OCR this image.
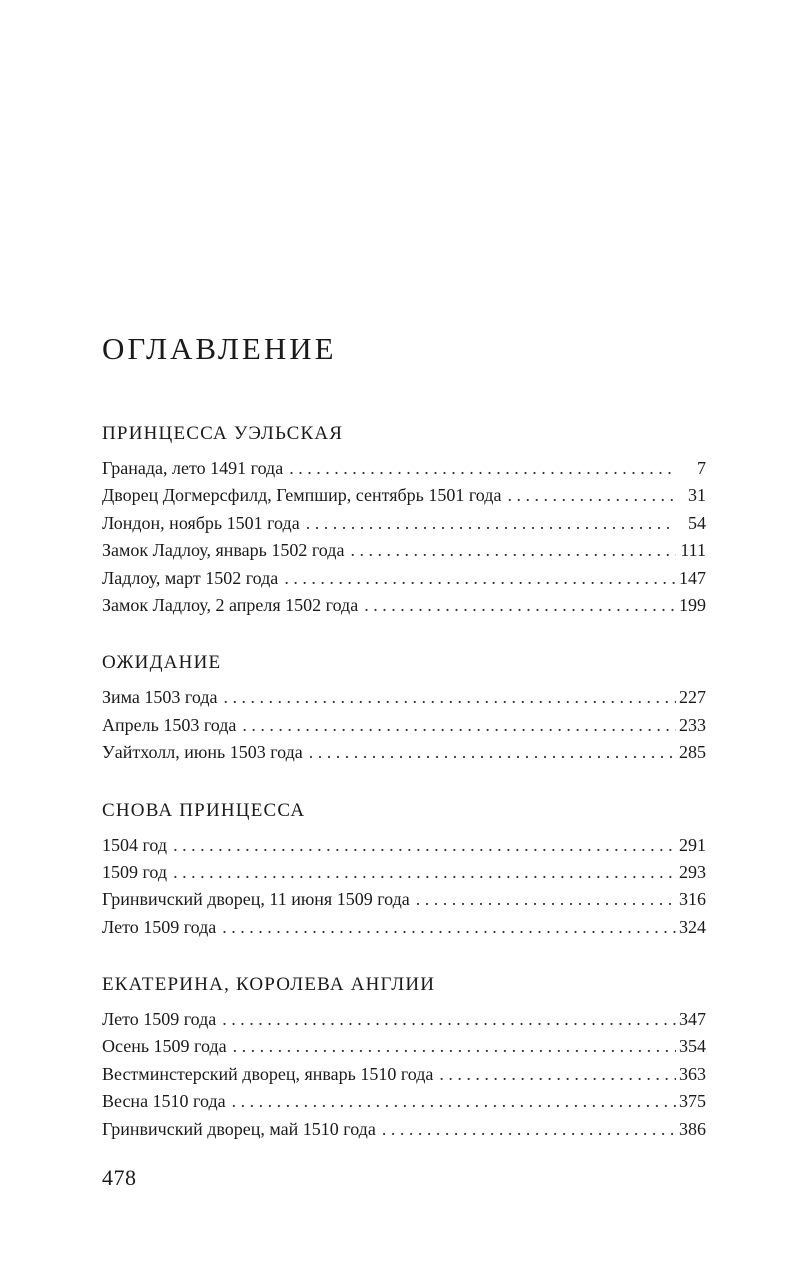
ОГЛАВЛЕНИЕ
ПРИНЦЕССА УЭЛЬСКАЯ
Гранада, лето 1491 года . . .	7
Дворец Догмерсфилд, Гемпшир, сентябрь 1501 года . . .	31
Лондон, ноябрь 1501 года . . .	54
Замок Ладлоу, январь 1502 года . . .	111
Ладлоу, март 1502 года . . .	147
Замок Ладлоу, 2 апреля 1502 года . . .	199
ОЖИДАНИЕ
Зима 1503 года . . .	227
Апрель 1503 года . . .	233
Уайтхолл, июнь 1503 года . . .	285
СНОВА ПРИНЦЕССА
1504 год . . .	291
1509 год . . .	293
Гринвичский дворец, 11 июня 1509 года . . .	316
Лето 1509 года . . .	324
ЕКАТЕРИНА, КОРОЛЕВА АНГЛИИ
Лето 1509 года . . .	347
Осень 1509 года . . .	354
Вестминстерский дворец, январь 1510 года . . .	363
Весна 1510 года . . .	375
Гринвичский дворец, май 1510 года . . .	386

478
